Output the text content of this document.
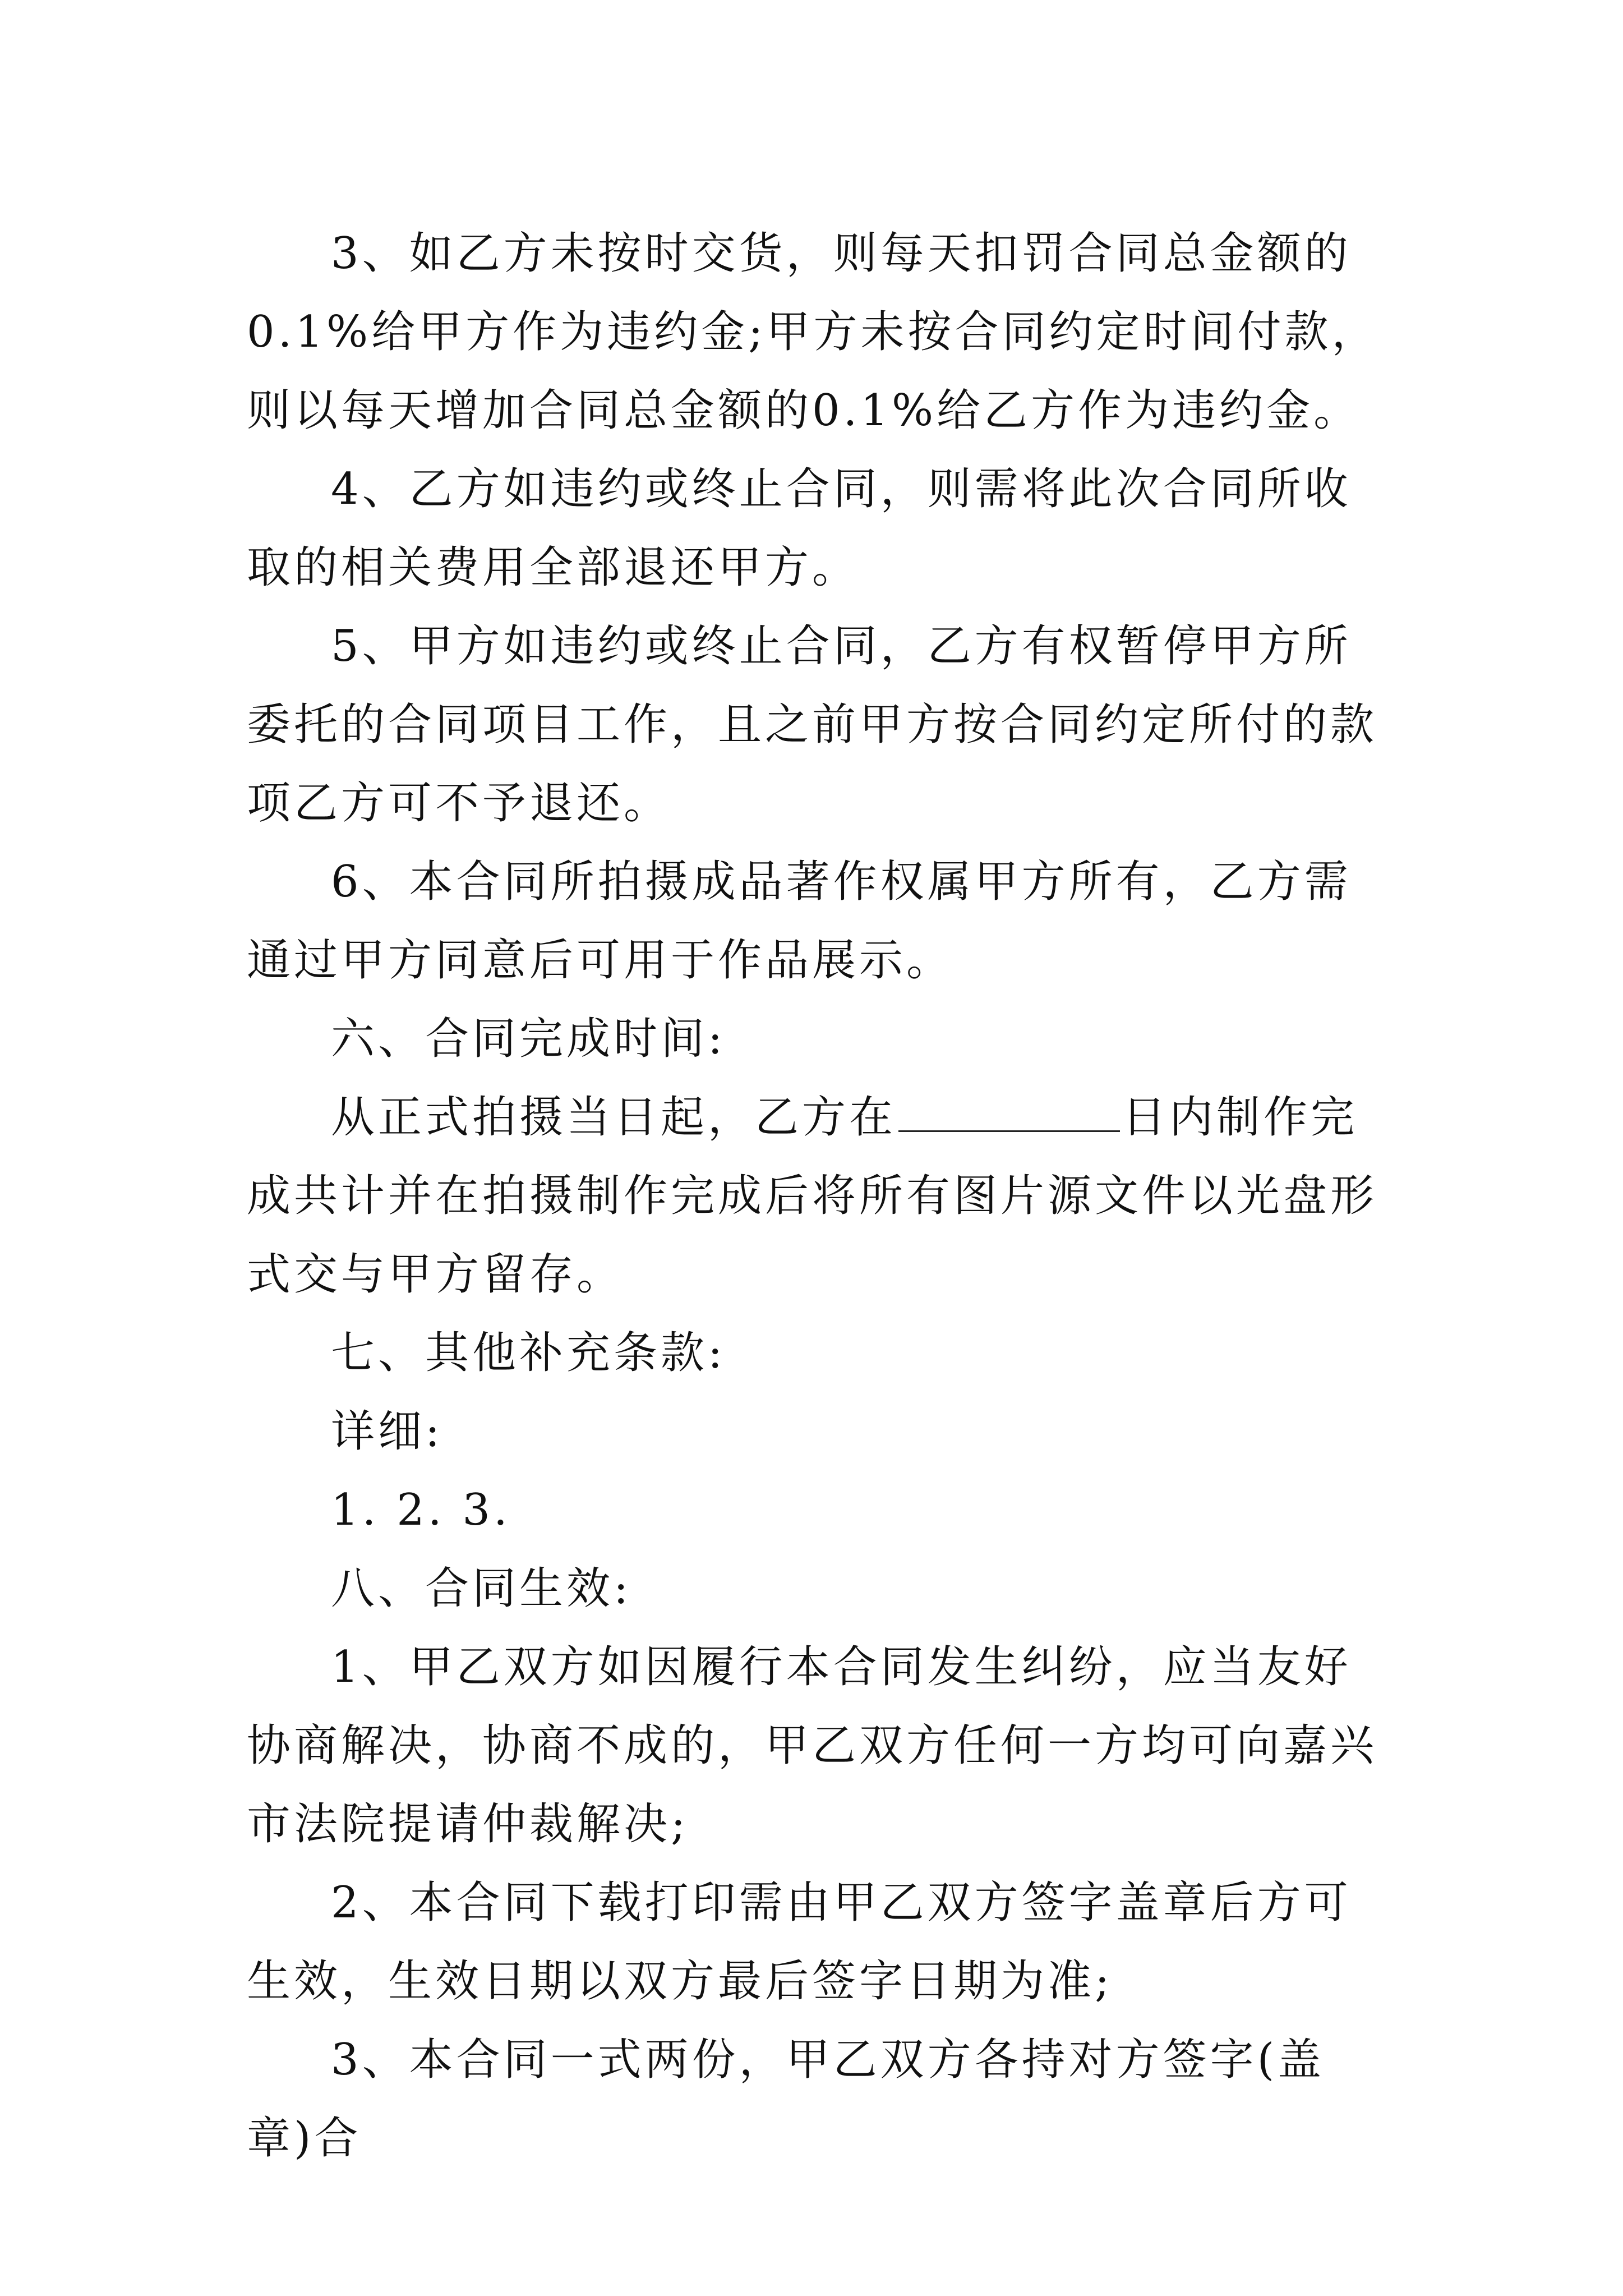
3、如乙方未按时交货，则每天扣罚合同总金额的0.1%给甲方作为违约金;甲方未按合同约定时间付款，则以每天增加合同总金额的0.1%给乙方作为违约金。

4、乙方如违约或终止合同，则需将此次合同所收取的相关费用全部退还甲方。

5、甲方如违约或终止合同，乙方有权暂停甲方所委托的合同项目工作，且之前甲方按合同约定所付的款项乙方可不予退还。

6、本合同所拍摄成品著作权属甲方所有，乙方需通过甲方同意后可用于作品展示。

六、合同完成时间:

从正式拍摄当日起，乙方在	日内制作完成共计并在拍摄制作完成后将所有图片源文件以光盘形式交与甲方留存。

七、其他补充条款:

详细:

1. 2. 3.

八、合同生效:

1、甲乙双方如因履行本合同发生纠纷，应当友好协商解决，协商不成的，甲乙双方任何一方均可向嘉兴市法院提请仲裁解决;

2、本合同下载打印需由甲乙双方签字盖章后方可生效，生效日期以双方最后签字日期为准;

3、本合同一式两份，甲乙双方各持对方签字(盖章)合
